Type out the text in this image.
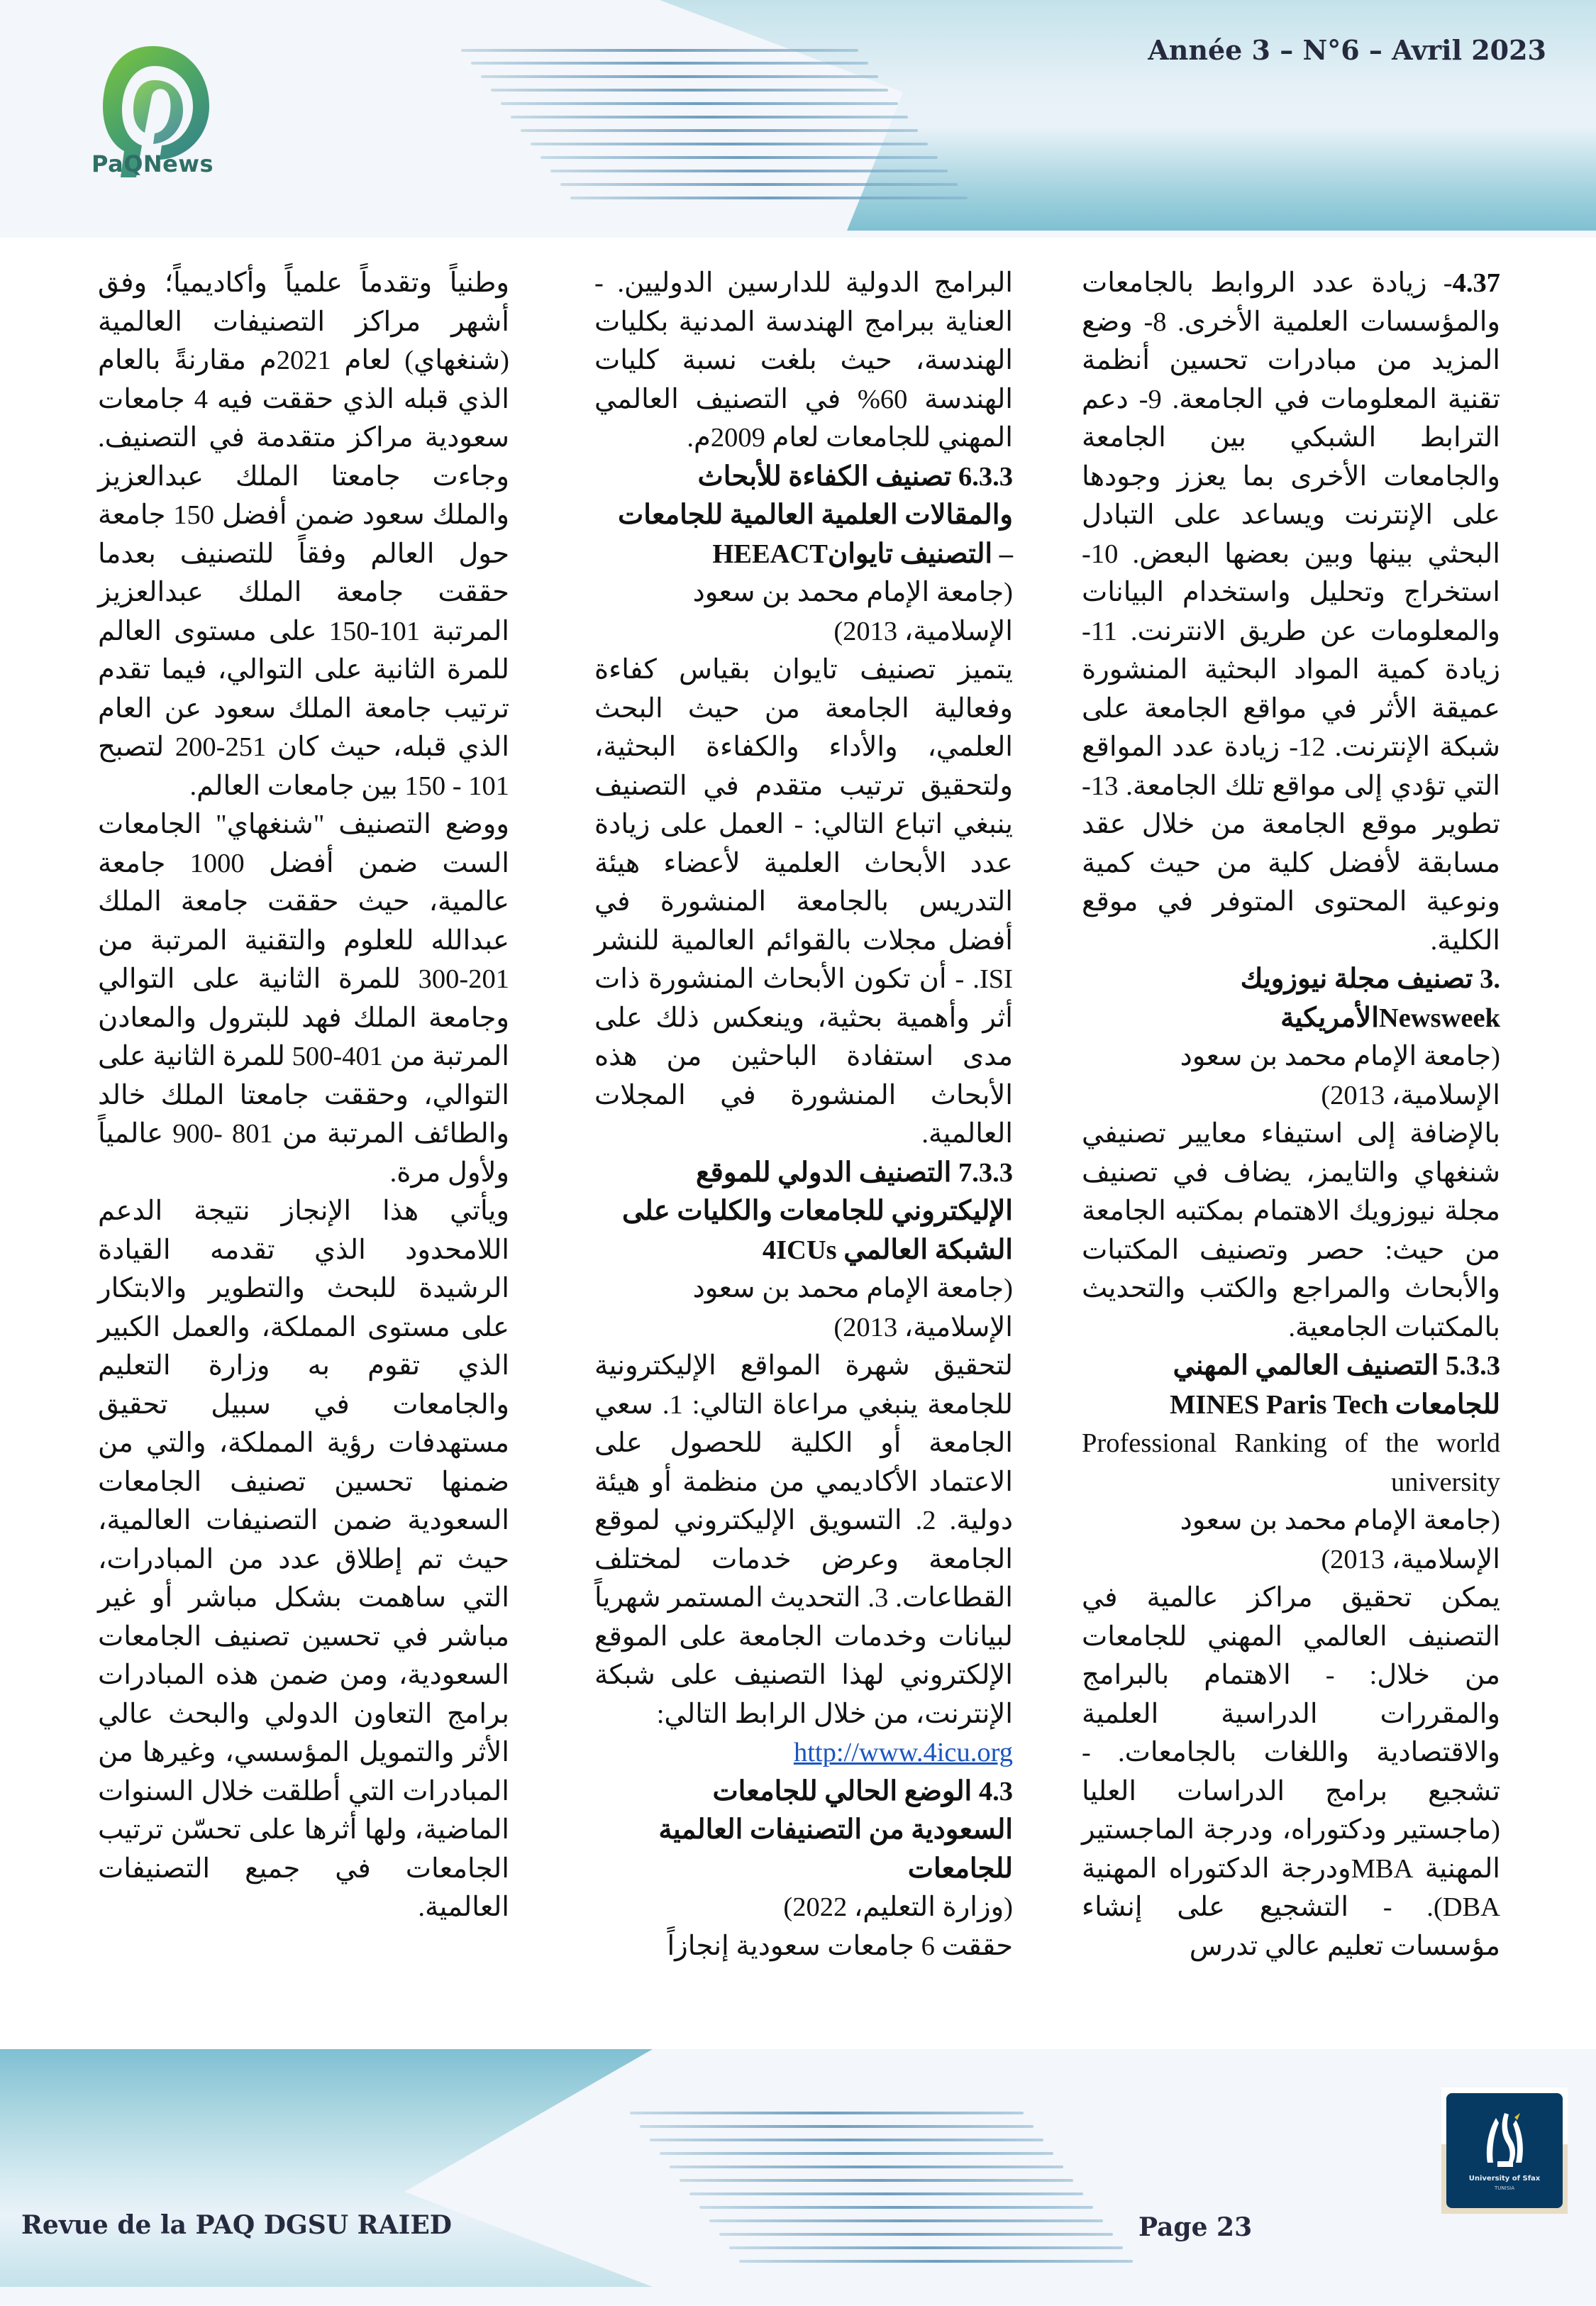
PaQNews
Année 3 – N°6 – Avril 2023

4.37- زيادة عدد الروابط بالجامعات والمؤسسات العلمية الأخرى. 8- وضع المزيد من مبادرات تحسين أنظمة تقنية المعلومات في الجامعة. 9- دعم الترابط الشبكي بين الجامعة والجامعات الأخرى بما يعزز وجودها على الإنترنت ويساعد على التبادل البحثي بينها وبين بعضها البعض. 10- استخراج وتحليل واستخدام البيانات والمعلومات عن طريق الانترنت. 11- زيادة كمية المواد البحثية المنشورة عميقة الأثر في مواقع الجامعة على شبكة الإنترنت. 12- زيادة عدد المواقع التي تؤدي إلى مواقع تلك الجامعة. 13- تطوير موقع الجامعة من خلال عقد مسابقة لأفضل كلية من حيث كمية ونوعية المحتوى المتوفر في موقع الكلية.

.3 تصنيف مجلة نيوزويك
Newsweekالأمريكية

(جامعة الإمام محمد بن سعود
الإسلامية، 2013)

بالإضافة إلى استيفاء معايير تصنيفي شنغهاي والتايمز، يضاف في تصنيف مجلة نيوزويك الاهتمام بمكتبه الجامعة من حيث: حصر وتصنيف المكتبات والأبحاث والمراجع والكتب والتحديث بالمكتبات الجامعية.

5.3.3 التصنيف العالمي المهني
للجامعات MINES Paris Tech

Professional Ranking of the world university

(جامعة الإمام محمد بن سعود
الإسلامية، 2013)

يمكن تحقيق مراكز عالمية في التصنيف العالمي المهني للجامعات من خلال: - الاهتمام بالبرامج والمقررات الدراسية العلمية والاقتصادية واللغات بالجامعات. - تشجيع برامج الدراسات العليا (ماجستير ودكتوراه، ودرجة الماجستير المهنية MBAودرجة الدكتوراه المهنية DBA). - التشجيع على إنشاء مؤسسات تعليم عالي تدرس

البرامج الدولية للدارسين الدوليين. - العناية ببرامج الهندسة المدنية بكليات الهندسة، حيث بلغت نسبة كليات الهندسة 60% في التصنيف العالمي المهني للجامعات لعام 2009م.

6.3.3 تصنيف الكفاءة للأبحاث
والمقالات العلمية العالمية للجامعات
– التصنيف تايوانHEEACT

(جامعة الإمام محمد بن سعود
الإسلامية، 2013)

يتميز تصنيف تايوان بقياس كفاءة وفعالية الجامعة من حيث البحث العلمي، والأداء والكفاءة البحثية، ولتحقيق ترتيب متقدم في التصنيف ينبغي اتباع التالي: - العمل على زيادة عدد الأبحاث العلمية لأعضاء هيئة التدريس بالجامعة المنشورة في أفضل مجلات بالقوائم العالمية للنشر ISI. - أن تكون الأبحاث المنشورة ذات أثر وأهمية بحثية، وينعكس ذلك على مدى استفادة الباحثين من هذه الأبحاث المنشورة في المجلات العالمية.

7.3.3 التصنيف الدولي للموقع
الإليكتروني للجامعات والكليات على
الشبكة العالمي 4ICUs

(جامعة الإمام محمد بن سعود
الإسلامية، 2013)

لتحقيق شهرة المواقع الإليكترونية للجامعة ينبغي مراعاة التالي: 1. سعي الجامعة أو الكلية للحصول على الاعتماد الأكاديمي من منظمة أو هيئة دولية. 2. التسويق الإليكتروني لموقع الجامعة وعرض خدمات لمختلف القطاعات. 3. التحديث المستمر شهرياً لبيانات وخدمات الجامعة على الموقع الإلكتروني لهذا التصنيف على شبكة الإنترنت، من خلال الرابط التالي:

http://www.4icu.org

4.3 الوضع الحالي للجامعات
السعودية من التصنيفات العالمية
للجامعات

(وزارة التعليم، 2022)

حققت 6 جامعات سعودية إنجازاً

وطنياً وتقدماً علمياً وأكاديمياً؛ وفق أشهر مراكز التصنيفات العالمية (شنغهاي) لعام 2021م مقارنةً بالعام الذي قبله الذي حققت فيه 4 جامعات سعودية مراكز متقدمة في التصنيف. وجاءت جامعتا الملك عبدالعزيز والملك سعود ضمن أفضل 150 جامعة حول العالم وفقاً للتصنيف بعدما حققت جامعة الملك عبدالعزيز المرتبة 101-150 على مستوى العالم للمرة الثانية على التوالي، فيما تقدم ترتيب جامعة الملك سعود عن العام الذي قبله، حيث كان 251-200 لتصبح 101 - 150 بين جامعات العالم.

ووضع التصنيف "شنغهاي" الجامعات الست ضمن أفضل 1000 جامعة عالمية، حيث حققت جامعة الملك عبدالله للعلوم والتقنية المرتبة من 201-300 للمرة الثانية على التوالي وجامعة الملك فهد للبترول والمعادن المرتبة من 401-500 للمرة الثانية على التوالي، وحققت جامعتا الملك خالد والطائف المرتبة من 801 -900 عالمياً ولأول مرة.

ويأتي هذا الإنجاز نتيجة الدعم اللامحدود الذي تقدمه القيادة الرشيدة للبحث والتطوير والابتكار على مستوى المملكة، والعمل الكبير الذي تقوم به وزارة التعليم والجامعات في سبيل تحقيق مستهدفات رؤية المملكة، والتي من ضمنها تحسين تصنيف الجامعات السعودية ضمن التصنيفات العالمية، حيث تم إطلاق عدد من المبادرات، التي ساهمت بشكل مباشر أو غير مباشر في تحسين تصنيف الجامعات السعودية، ومن ضمن هذه المبادرات برامج التعاون الدولي والبحث عالي الأثر والتمويل المؤسسي، وغيرها من المبادرات التي أطلقت خلال السنوات الماضية، ولها أثرها على تحسّن ترتيب الجامعات في جميع التصنيفات العالمية.

Revue de la PAQ DGSU RAIED	Page 23
University of Sfax
TUNISIA
